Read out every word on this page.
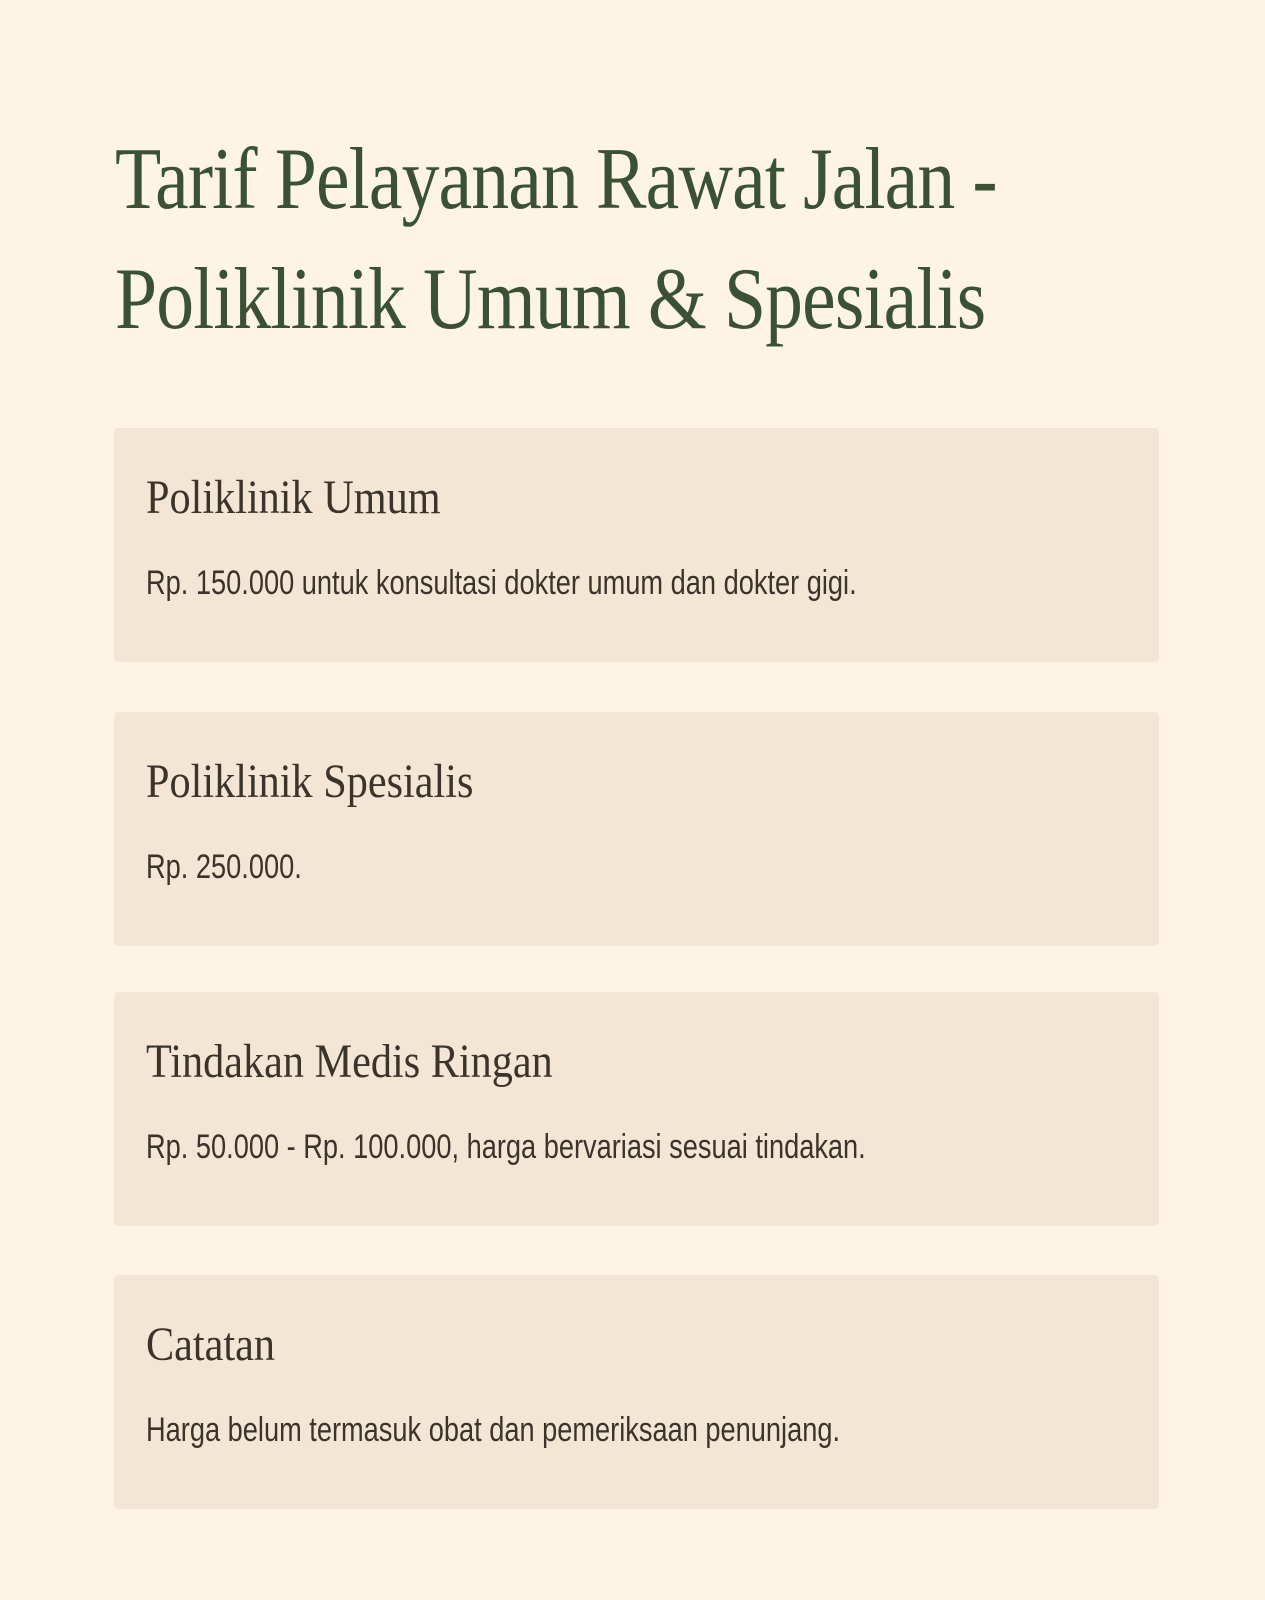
Tarif Pelayanan Rawat Jalan -
Poliklinik Umum & Spesialis
Poliklinik Umum

Rp. 150.000 untuk konsultasi dokter umum dan dokter gigi.

Poliklinik Spesialis

Rp. 250.000.

Tindakan Medis Ringan

Rp. 50.000 - Rp. 100.000, harga bervariasi sesuai tindakan.

Catatan

Harga belum termasuk obat dan pemeriksaan penunjang.
